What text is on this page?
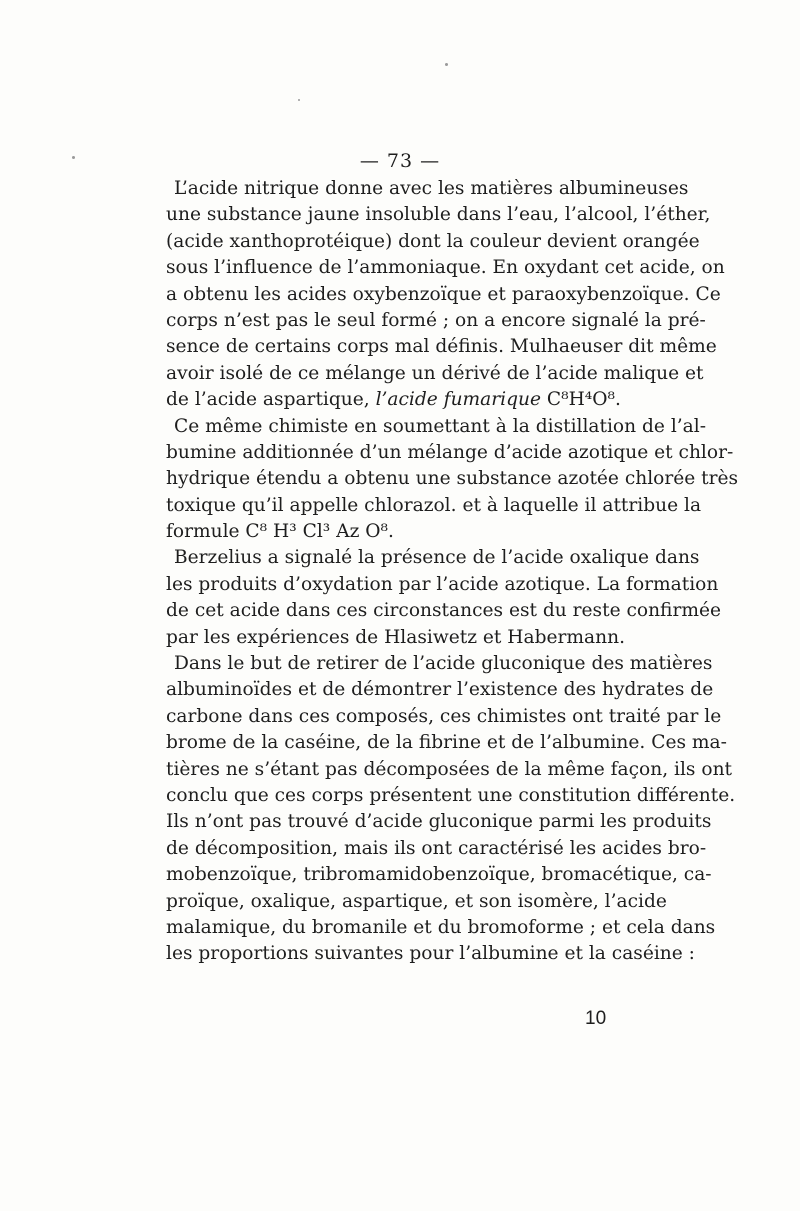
— 73 —
L’acide nitrique donne avec les matières albumineuses
une substance jaune insoluble dans l’eau, l’alcool, l’éther,
(acide xanthoprotéique) dont la couleur devient orangée
sous l’influence de l’ammoniaque. En oxydant cet acide, on
a obtenu les acides oxybenzoïque et paraoxybenzoïque. Ce
corps n’est pas le seul formé ; on a encore signalé la pré-
sence de certains corps mal définis. Mulhaeuser dit même
avoir isolé de ce mélange un dérivé de l’acide malique et
de l’acide aspartique, l’acide fumarique C⁸H⁴O⁸.
Ce même chimiste en soumettant à la distillation de l’al-
bumine additionnée d’un mélange d’acide azotique et chlor-
hydrique étendu a obtenu une substance azotée chlorée très
toxique qu’il appelle chlorazol. et à laquelle il attribue la
formule C⁸ H³ Cl³ Az O⁸.
Berzelius a signalé la présence de l’acide oxalique dans
les produits d’oxydation par l’acide azotique. La formation
de cet acide dans ces circonstances est du reste confirmée
par les expériences de Hlasiwetz et Habermann.
Dans le but de retirer de l’acide gluconique des matières
albuminoïdes et de démontrer l’existence des hydrates de
carbone dans ces composés, ces chimistes ont traité par le
brome de la caséine, de la fibrine et de l’albumine. Ces ma-
tières ne s’étant pas décomposées de la même façon, ils ont
conclu que ces corps présentent une constitution différente.
Ils n’ont pas trouvé d’acide gluconique parmi les produits
de décomposition, mais ils ont caractérisé les acides bro-
mobenzoïque, tribromamidobenzoïque, bromacétique, ca-
proïque, oxalique, aspartique, et son isomère, l’acide
malamique, du bromanile et du bromoforme ; et cela dans
les proportions suivantes pour l’albumine et la caséine :
10
